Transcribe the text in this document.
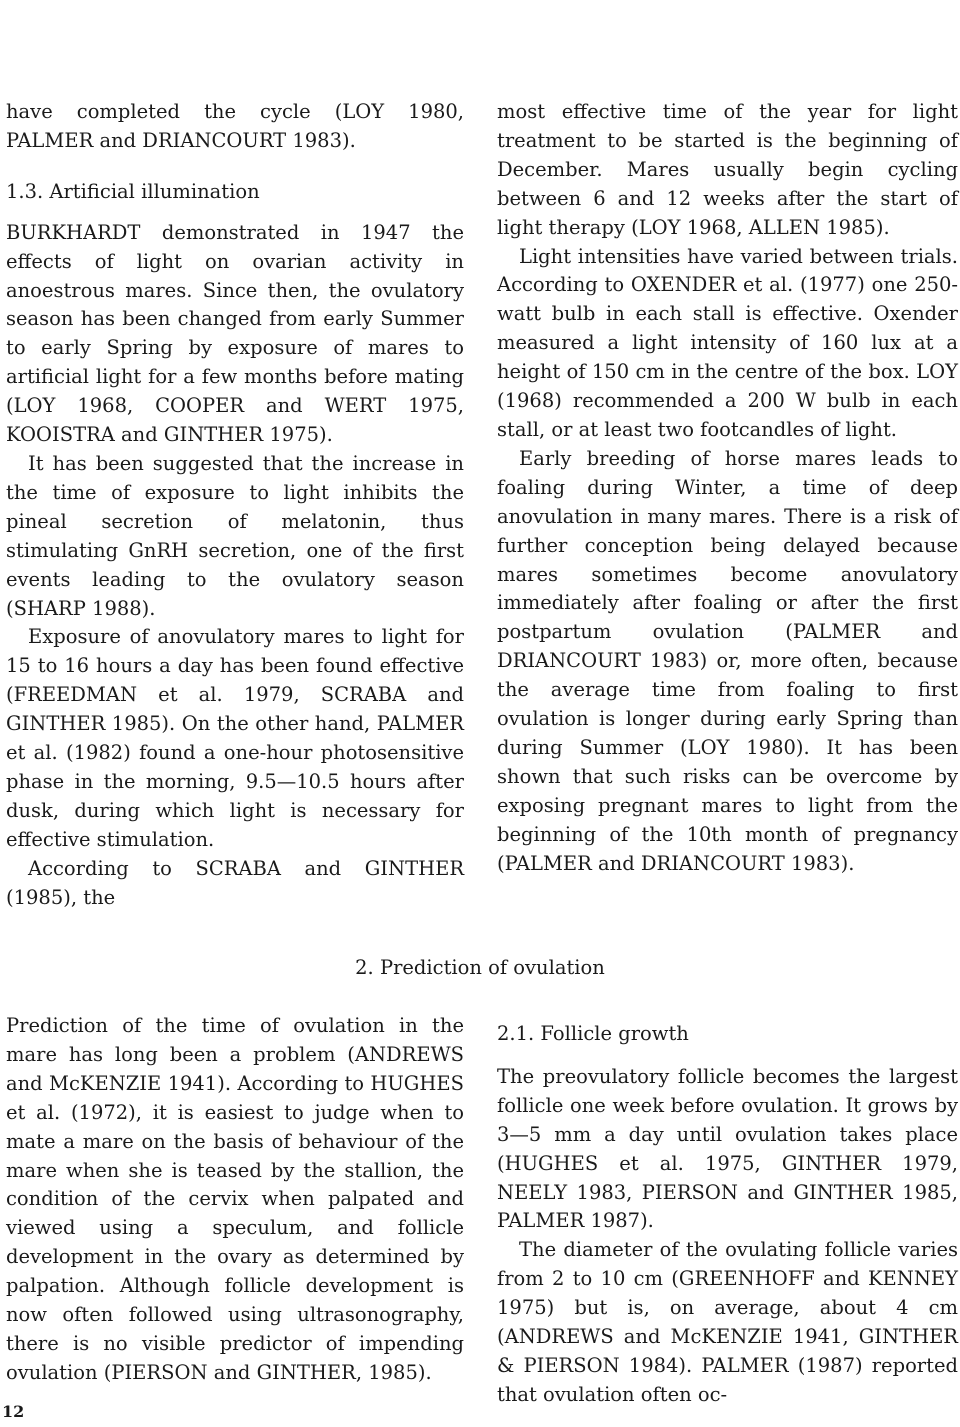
have completed the cycle (LOY 1980, PALMER and DRIANCOURT 1983).

1.3. Artificial illumination

BURKHARDT demonstrated in 1947 the effects of light on ovarian activity in anoestrous mares. Since then, the ovulatory season has been changed from early Summer to early Spring by exposure of mares to artificial light for a few months before mating (LOY 1968, COOPER and WERT 1975, KOOISTRA and GINTHER 1975).

It has been suggested that the increase in the time of exposure to light inhibits the pineal secretion of melatonin, thus stimulating GnRH secretion, one of the first events leading to the ovulatory season (SHARP 1988).

Exposure of anovulatory mares to light for 15 to 16 hours a day has been found effective (FREEDMAN et al. 1979, SCRABA and GINTHER 1985). On the other hand, PALMER et al. (1982) found a one-hour photosensitive phase in the morning, 9.5—10.5 hours after dusk, during which light is necessary for effective stimulation.

According to SCRABA and GINTHER (1985), the

most effective time of the year for light treatment to be started is the beginning of December. Mares usually begin cycling between 6 and 12 weeks after the start of light therapy (LOY 1968, ALLEN 1985).

Light intensities have varied between trials. According to OXENDER et al. (1977) one 250-watt bulb in each stall is effective. Oxender measured a light intensity of 160 lux at a height of 150 cm in the centre of the box. LOY (1968) recommended a 200 W bulb in each stall, or at least two footcandles of light.

Early breeding of horse mares leads to foaling during Winter, a time of deep anovulation in many mares. There is a risk of further conception being delayed because mares sometimes become anovulatory immediately after foaling or after the first postpartum ovulation (PALMER and DRIANCOURT 1983) or, more often, because the average time from foaling to first ovulation is longer during early Spring than during Summer (LOY 1980). It has been shown that such risks can be overcome by exposing pregnant mares to light from the beginning of the 10th month of pregnancy (PALMER and DRIANCOURT 1983).

2. Prediction of ovulation

Prediction of the time of ovulation in the mare has long been a problem (ANDREWS and McKENZIE 1941). According to HUGHES et al. (1972), it is easiest to judge when to mate a mare on the basis of behaviour of the mare when she is teased by the stallion, the condition of the cervix when palpated and viewed using a speculum, and follicle development in the ovary as determined by palpation. Although follicle development is now often followed using ultrasonography, there is no visible predictor of impending ovulation (PIERSON and GINTHER, 1985).

2.1. Follicle growth

The preovulatory follicle becomes the largest follicle one week before ovulation. It grows by 3—5 mm a day until ovulation takes place (HUGHES et al. 1975, GINTHER 1979, NEELY 1983, PIERSON and GINTHER 1985, PALMER 1987).

The diameter of the ovulating follicle varies from 2 to 10 cm (GREENHOFF and KENNEY 1975) but is, on average, about 4 cm (ANDREWS and McKENZIE 1941, GINTHER & PIERSON 1984). PALMER (1987) reported that ovulation often oc-

12
